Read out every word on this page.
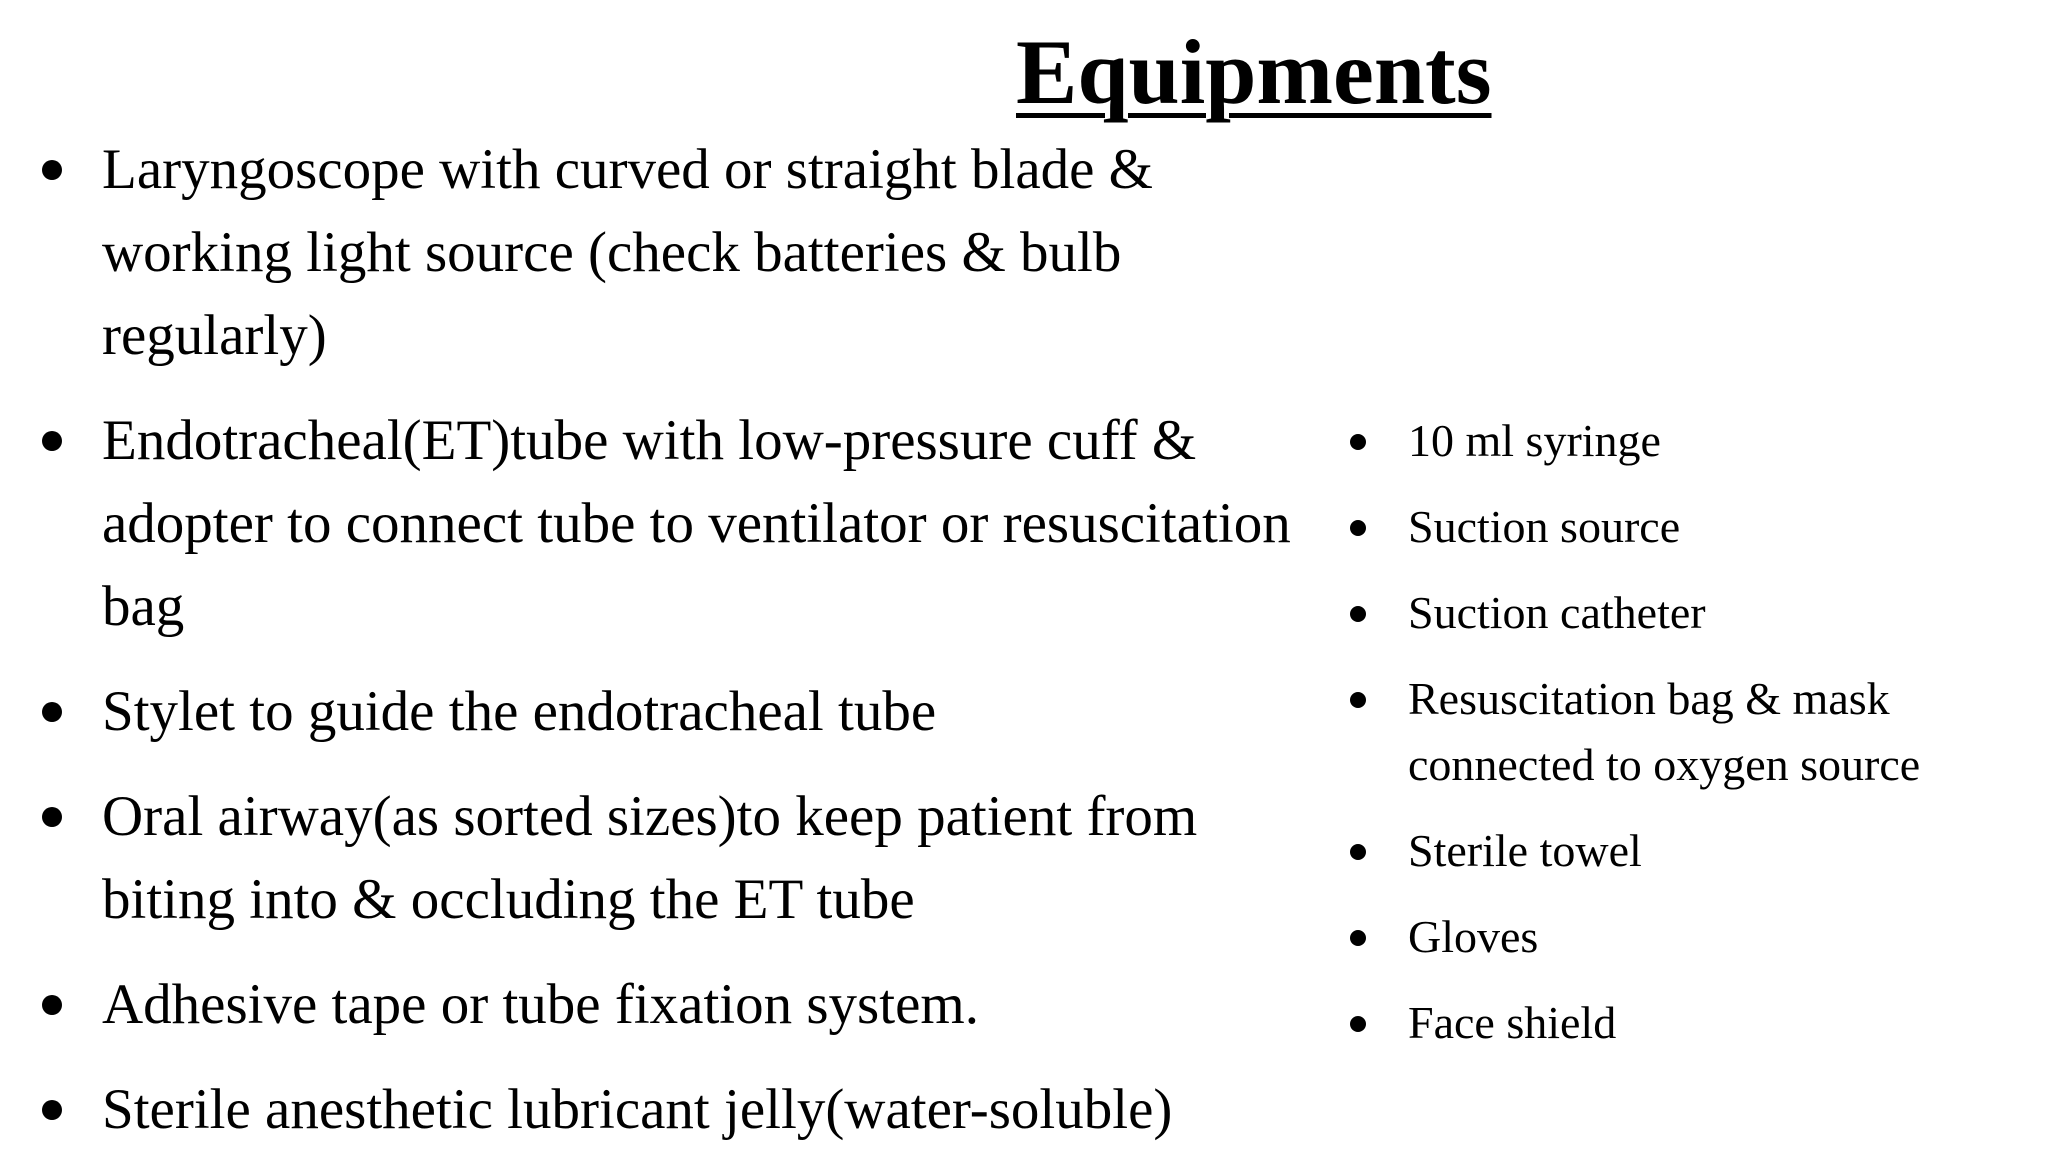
Equipments
Laryngoscope with curved or straight blade & working light source (check batteries & bulb regularly)
Endotracheal(ET)tube with low-pressure cuff & adopter to connect tube to ventilator or resuscitation bag
Stylet to guide the endotracheal tube
Oral airway(as sorted sizes)to keep patient from biting into & occluding the ET tube
Adhesive tape or tube fixation system.
Sterile anesthetic lubricant jelly(water-soluble)
10 ml syringe
Suction source
Suction catheter
Resuscitation bag & mask connected to oxygen source
Sterile towel
Gloves
Face shield
